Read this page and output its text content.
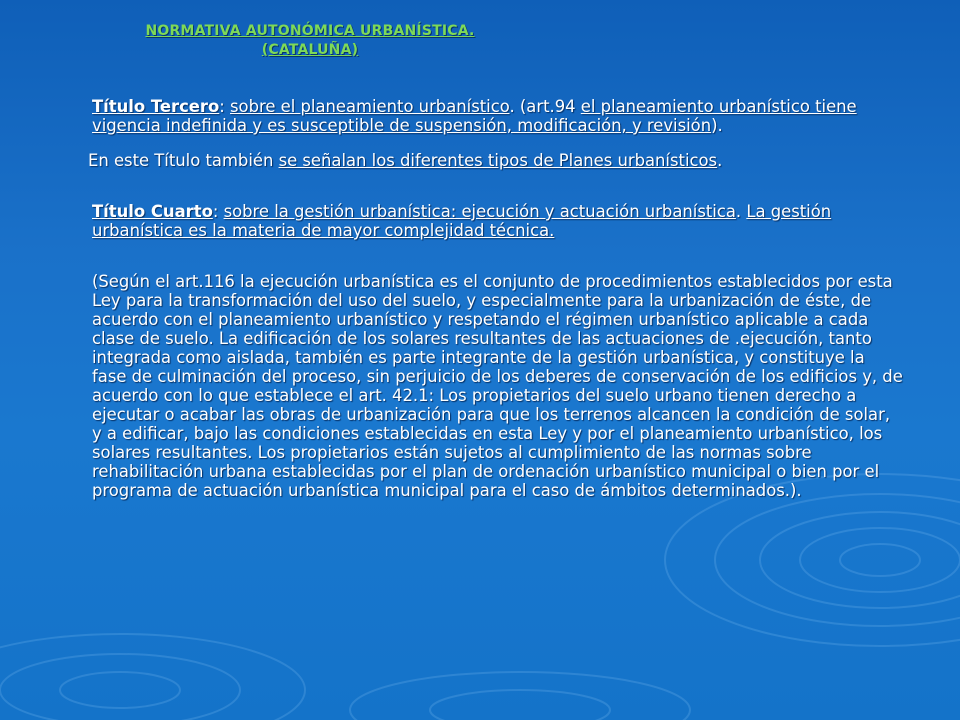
NORMATIVA AUTONÓMICA URBANÍSTICA.
(CATALUÑA)

Título Tercero: sobre el planeamiento urbanístico. (art.94 el planeamiento urbanístico tiene vigencia indefinida y es susceptible de suspensión, modificación, y revisión).

En este Título también se señalan los diferentes tipos de Planes urbanísticos.

Título Cuarto: sobre la gestión urbanística: ejecución y actuación urbanística. La gestión urbanística es la materia de mayor complejidad técnica.

(Según el art.116 la ejecución urbanística es el conjunto de procedimientos establecidos por esta Ley para la transformación del uso del suelo, y especialmente para la urbanización de éste, de acuerdo con el planeamiento urbanístico y respetando el régimen urbanístico aplicable a cada clase de suelo. La edificación de los solares resultantes de las actuaciones de .ejecución, tanto integrada como aislada, también es parte integrante de la gestión urbanística, y constituye la fase de culminación del proceso, sin perjuicio de los deberes de conservación de los edificios y, de acuerdo con lo que establece el art. 42.1: Los propietarios del suelo urbano tienen derecho a ejecutar o acabar las obras de urbanización para que los terrenos alcancen la condición de solar, y a edificar, bajo las condiciones establecidas en esta Ley y por el planeamiento urbanístico, los solares resultantes. Los propietarios están sujetos al cumplimiento de las normas sobre rehabilitación urbana establecidas por el plan de ordenación urbanístico municipal o bien por el programa de actuación urbanística municipal para el caso de ámbitos determinados.).
